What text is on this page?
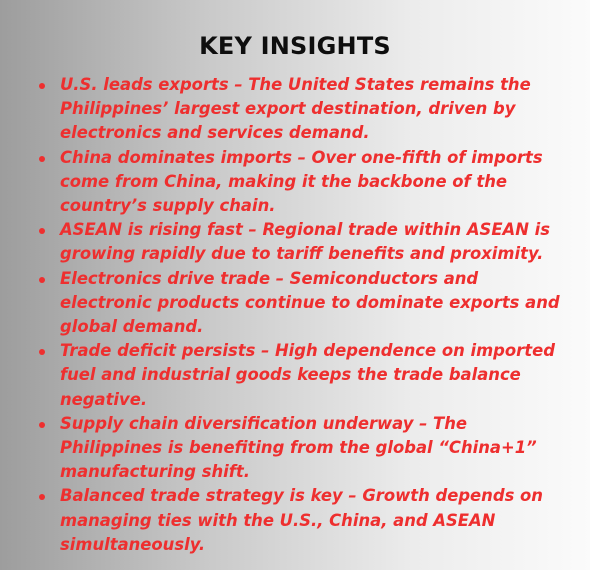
KEY INSIGHTS
U.S. leads exports – The United States remains the Philippines’ largest export destination, driven by electronics and services demand.
China dominates imports – Over one-fifth of imports come from China, making it the backbone of the country’s supply chain.
ASEAN is rising fast – Regional trade within ASEAN is growing rapidly due to tariff benefits and proximity.
Electronics drive trade – Semiconductors and electronic products continue to dominate exports and global demand.
Trade deficit persists – High dependence on imported fuel and industrial goods keeps the trade balance negative.
Supply chain diversification underway – The Philippines is benefiting from the global “China+1” manufacturing shift.
Balanced trade strategy is key – Growth depends on managing ties with the U.S., China, and ASEAN simultaneously.
